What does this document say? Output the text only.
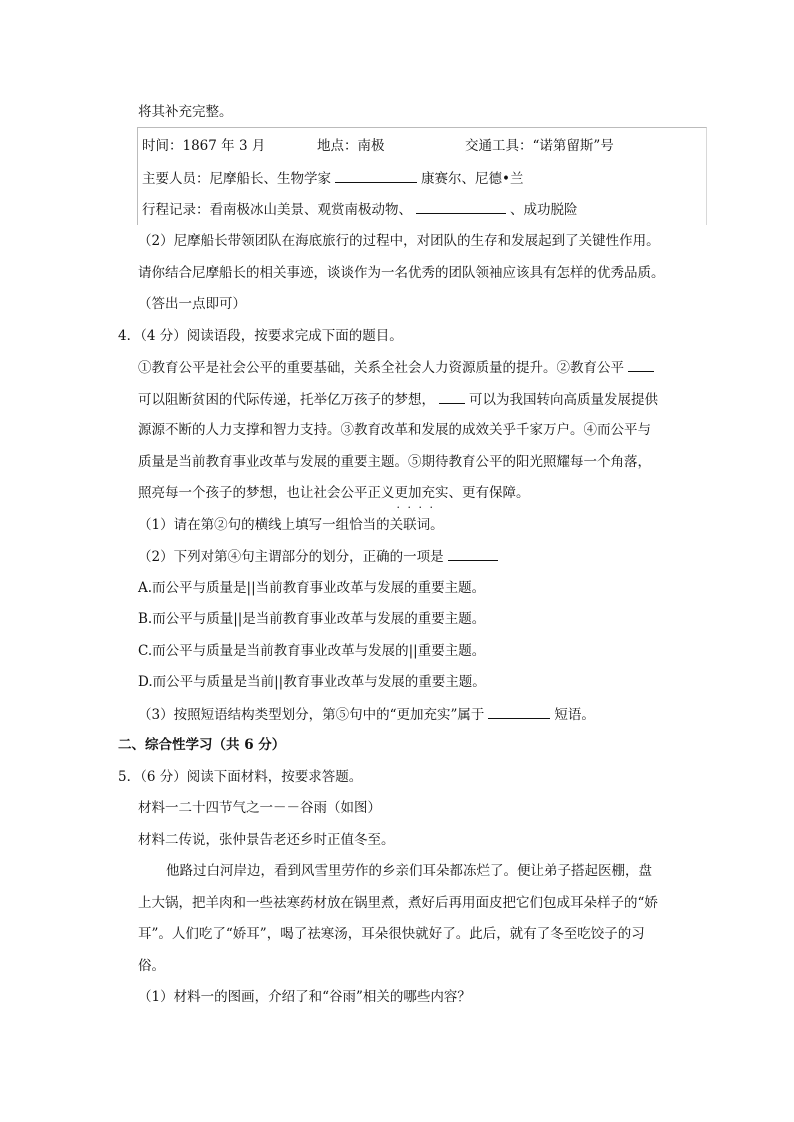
将其补充完整。
时间：1867 年 3 月	地点：南极	交通工具：“诺第留斯”号
主要人员：尼摩船长、生物学家	康赛尔、尼德•兰
行程记录：看南极冰山美景、观赏南极动物、	、成功脱险
（2）尼摩船长带领团队在海底旅行的过程中，对团队的生存和发展起到了关键性作用。
请你结合尼摩船长的相关事迹，谈谈作为一名优秀的团队领袖应该具有怎样的优秀品质。
（答出一点即可）
4．（4 分）阅读语段，按要求完成下面的题目。
①教育公平是社会公平的重要基础，关系全社会人力资源质量的提升。②教育公平
可以阻断贫困的代际传递，托举亿万孩子的梦想，	可以为我国转向高质量发展提供
源源不断的人力支撑和智力支持。③教育改革和发展的成效关乎千家万户。④而公平与
质量是当前教育事业改革与发展的重要主题。⑤期待教育公平的阳光照耀每一个角落，
照亮每一个孩子的梦想，也让社会公平正义更加充实 · · · ·、更有保障。
（1）请在第②句的横线上填写一组恰当的关联词。
（2）下列对第④句主谓部分的划分，正确的一项是
A.而公平与质量是||当前教育事业改革与发展的重要主题。
B.而公平与质量||是当前教育事业改革与发展的重要主题。
C.而公平与质量是当前教育事业改革与发展的||重要主题。
D.而公平与质量是当前||教育事业改革与发展的重要主题。
（3）按照短语结构类型划分，第⑤句中的“更加充实”属于	短语。
二、综合性学习（共 6 分）
5．（6 分）阅读下面材料，按要求答题。
材料一二十四节气之一－－谷雨（如图）
材料二传说，张仲景告老还乡时正值冬至。
他路过白河岸边，看到风雪里劳作的乡亲们耳朵都冻烂了。便让弟子搭起医棚，盘
上大锅，把羊肉和一些祛寒药材放在锅里煮，煮好后再用面皮把它们包成耳朵样子的“娇
耳”。人们吃了“娇耳”，喝了祛寒汤，耳朵很快就好了。此后，就有了冬至吃饺子的习
俗。
（1）材料一的图画，介绍了和“谷雨”相关的哪些内容？
